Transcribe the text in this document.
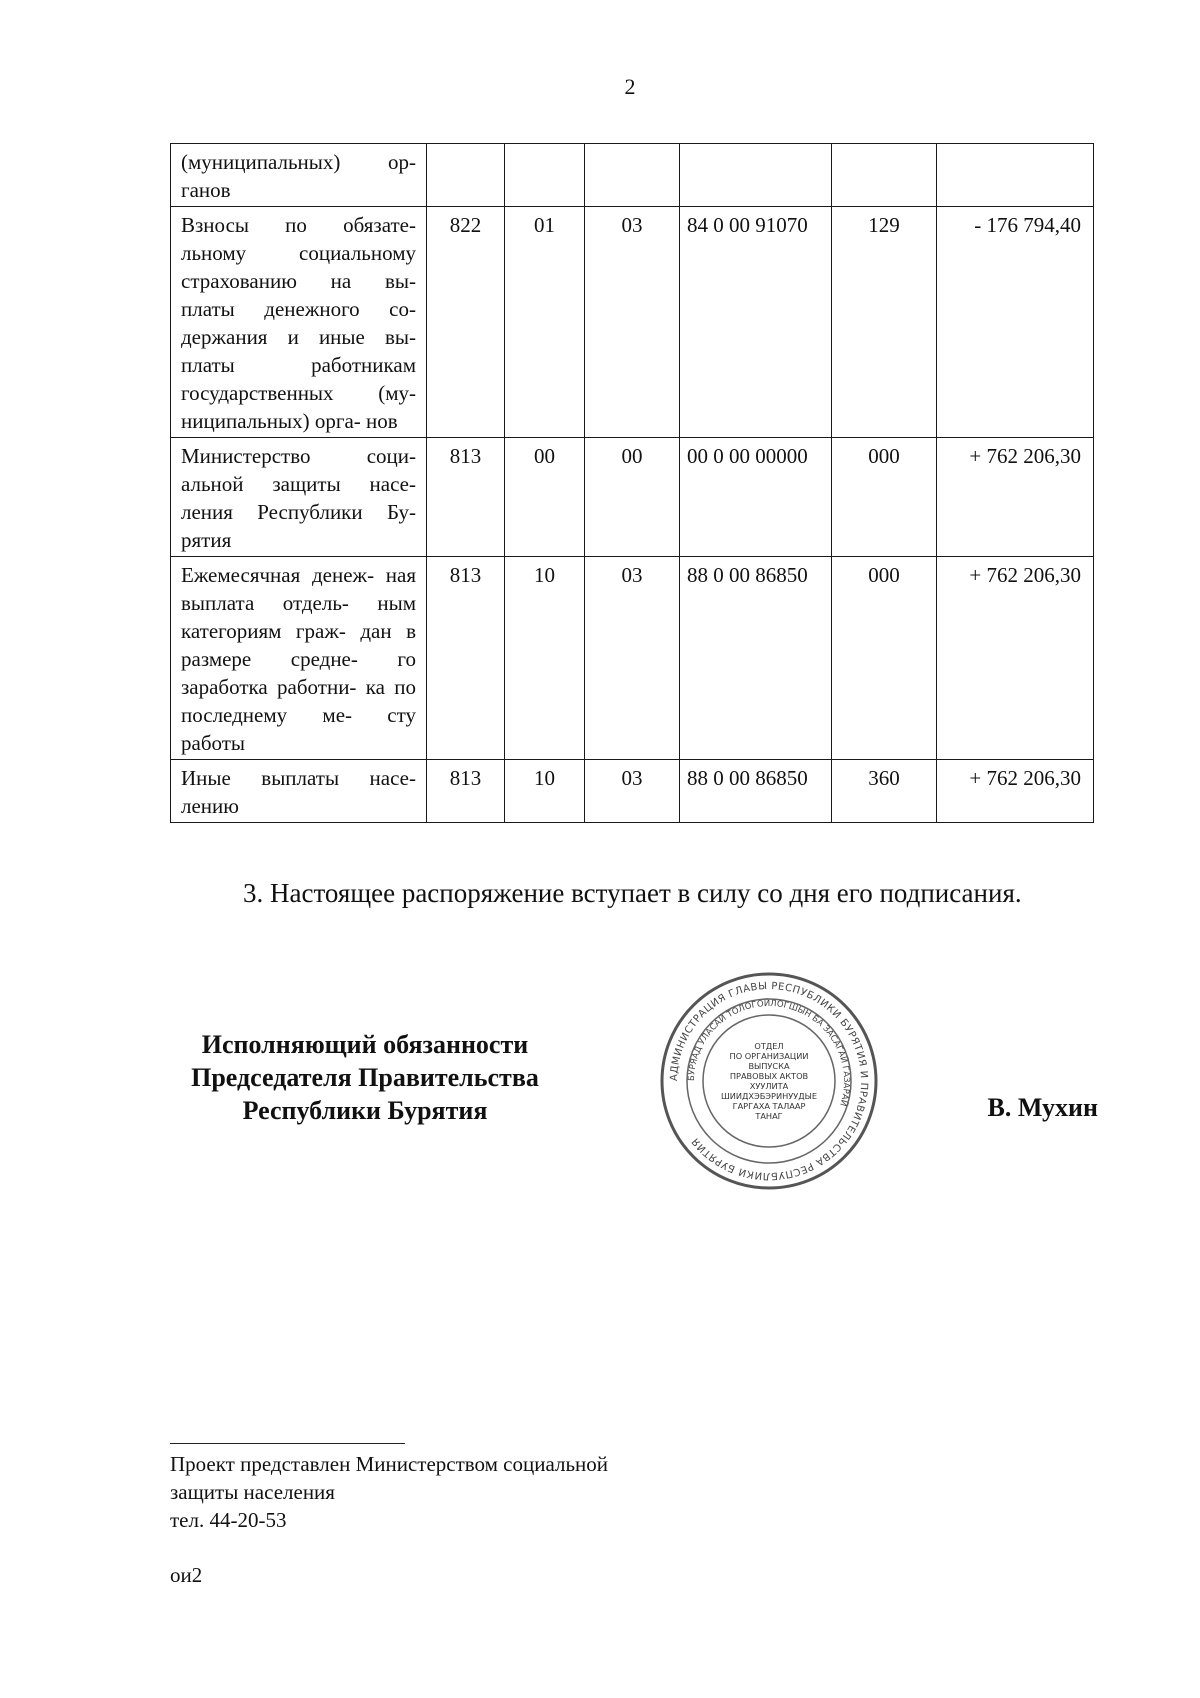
2
(муниципальных) ор- ганов						
Взносы по обязате- льному социальному страхованию на вы- платы денежного со- держания и иные вы- платы работникам государственных (му- ниципальных) орга- нов	822	01	03	84 0 00 91070	129	- 176 794,40
Министерство соци- альной защиты насе- ления Республики Бу- рятия	813	00	00	00 0 00 00000	000	+ 762 206,30
Ежемесячная денеж- ная выплата отдель- ным категориям граж- дан в размере средне- го заработка работни- ка по последнему ме- сту работы	813	10	03	88 0 00 86850	000	+ 762 206,30
Иные выплаты насе- лению	813	10	03	88 0 00 86850	360	+ 762 206,30
3. Настоящее распоряжение вступает в силу со дня его подписания.
Исполняющий обязанности
Председателя Правительства
Республики Бурятия
АДМИНИСТРАЦИЯ ГЛАВЫ РЕСПУБЛИКИ БУРЯТИЯ И ПРАВИТЕЛЬСТВА РЕСПУБЛИКИ БУРЯТИЯ
БУРЯАД УЛАСАЙ ТОЛОГОЙЛОГШЫН БА ЗАСАГАЙ ГАЗАРАЙ
ОТДЕЛ
ПО ОРГАНИЗАЦИИ
ВЫПУСКА
ПРАВОВЫХ АКТОВ
ХУУЛИТА
ШИИДХЭБЭРИНУУДЫЕ
ГАРГАХА ТАЛААР
ТАНАГ	В. Мухин
Проект представлен Министерством социальной
защиты населения
тел. 44-20-53
ои2
